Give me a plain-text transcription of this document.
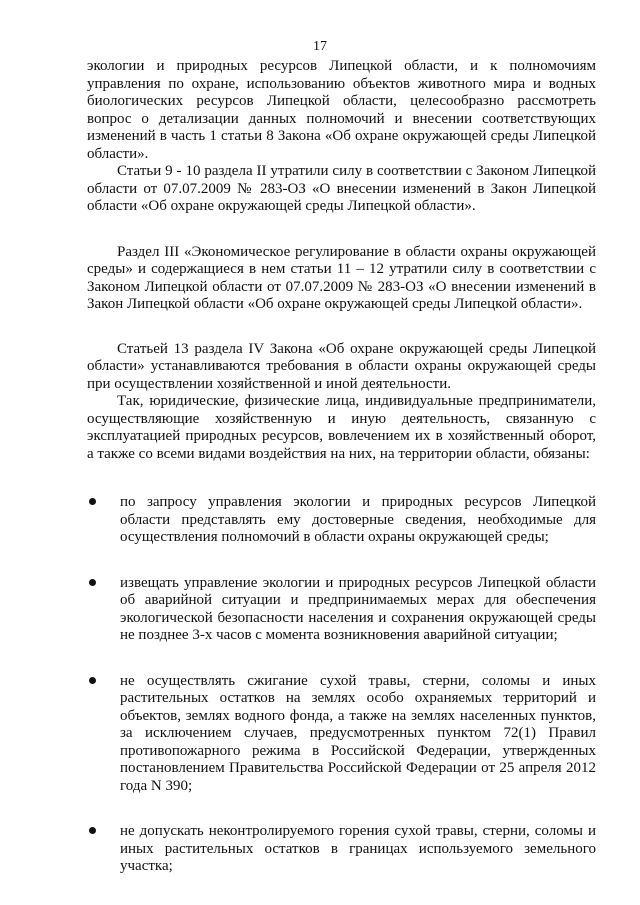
17

экологии и природных ресурсов Липецкой области, и к полномочиям управления по охране, использованию объектов животного мира и водных биологических ресурсов Липецкой области, целесообразно рассмотреть вопрос о детализации данных полномочий и внесении соответствующих изменений в часть 1 статьи 8 Закона «Об охране окружающей среды Липецкой области».

Статьи 9 - 10 раздела II утратили силу в соответствии с Законом Липецкой области от 07.07.2009 № 283-ОЗ «О внесении изменений в Закон Липецкой области «Об охране окружающей среды Липецкой области».

Раздел III «Экономическое регулирование в области охраны окружающей среды» и содержащиеся в нем статьи 11 – 12 утратили силу в соответствии с Законом Липецкой области от 07.07.2009 № 283-ОЗ «О внесении изменений в Закон Липецкой области «Об охране окружающей среды Липецкой области».

Статьей 13 раздела IV Закона «Об охране окружающей среды Липецкой области» устанавливаются требования в области охраны окружающей среды при осуществлении хозяйственной и иной деятельности.

Так, юридические, физические лица, индивидуальные предприниматели, осуществляющие хозяйственную и иную деятельность, связанную с эксплуатацией природных ресурсов, вовлечением их в хозяйственный оборот, а также со всеми видами воздействия на них, на территории области, обязаны:

по запросу управления экологии и природных ресурсов Липецкой области представлять ему достоверные сведения, необходимые для осуществления полномочий в области охраны окружающей среды;
извещать управление экологии и природных ресурсов Липецкой области об аварийной ситуации и предпринимаемых мерах для обеспечения экологической безопасности населения и сохранения окружающей среды не позднее 3-х часов с момента возникновения аварийной ситуации;
не осуществлять сжигание сухой травы, стерни, соломы и иных растительных остатков на землях особо охраняемых территорий и объектов, землях водного фонда, а также на землях населенных пунктов, за исключением случаев, предусмотренных пунктом 72(1) Правил противопожарного режима в Российской Федерации, утвержденных постановлением Правительства Российской Федерации от 25 апреля 2012 года N 390;
не допускать неконтролируемого горения сухой травы, стерни, соломы и иных растительных остатков в границах используемого земельного участка;
